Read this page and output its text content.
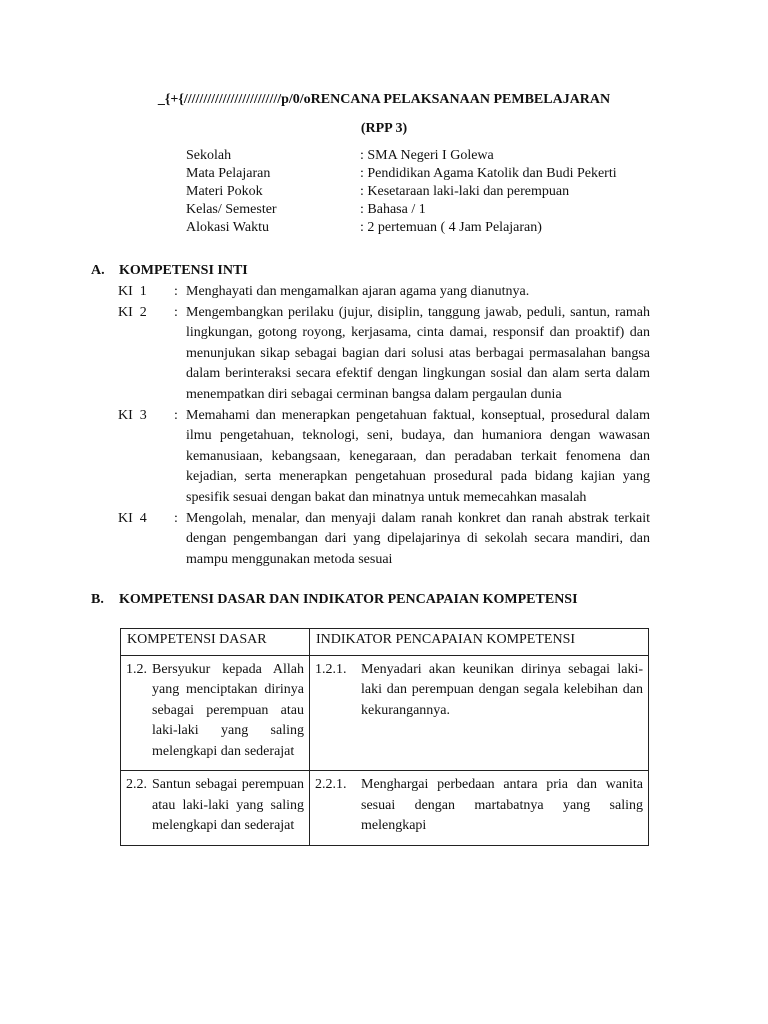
_{+{/////////////////////////p/0/oRENCANA PELAKSANAAN PEMBELAJARAN
(RPP 3)
Sekolah	: SMA Negeri I Golewa
Mata Pelajaran	: Pendidikan Agama Katolik dan Budi Pekerti
Materi Pokok	: Kesetaraan laki-laki dan perempuan
Kelas/ Semester	: Bahasa / 1
Alokasi Waktu	: 2 pertemuan ( 4 Jam Pelajaran)
A. KOMPETENSI INTI
KI  1	: Menghayati dan mengamalkan ajaran agama yang dianutnya.
KI  2	: Mengembangkan perilaku (jujur, disiplin, tanggung jawab, peduli, santun, ramah lingkungan, gotong royong, kerjasama, cinta damai, responsif dan proaktif) dan menunjukan sikap sebagai bagian dari solusi atas berbagai permasalahan bangsa dalam berinteraksi secara efektif dengan lingkungan sosial dan alam serta dalam menempatkan diri sebagai cerminan bangsa dalam pergaulan dunia
KI  3	: Memahami dan menerapkan pengetahuan faktual, konseptual, prosedural dalam ilmu pengetahuan, teknologi, seni, budaya, dan humaniora dengan wawasan kemanusiaan, kebangsaan, kenegaraan, dan peradaban terkait fenomena dan kejadian, serta menerapkan pengetahuan prosedural pada bidang kajian yang spesifik sesuai dengan bakat dan minatnya untuk memecahkan masalah
KI  4	: Mengolah, menalar, dan menyaji dalam ranah konkret dan ranah abstrak terkait dengan pengembangan dari yang dipelajarinya di sekolah secara mandiri, dan mampu menggunakan metoda sesuai
B. KOMPETENSI DASAR DAN INDIKATOR PENCAPAIAN KOMPETENSI
KOMPETENSI DASAR	INDIKATOR PENCAPAIAN KOMPETENSI

1.2. Bersyukur kepada Allah yang menciptakan dirinya sebagai perempuan atau laki-laki yang saling melengkapi dan sederajat	1.2.1. Menyadari akan keunikan dirinya sebagai laki-laki dan perempuan dengan segala kelebihan dan kekurangannya.

2.2. Santun sebagai perempuan atau laki-laki yang saling melengkapi dan sederajat	2.2.1. Menghargai perbedaan antara pria dan wanita sesuai dengan martabatnya yang saling melengkapi
